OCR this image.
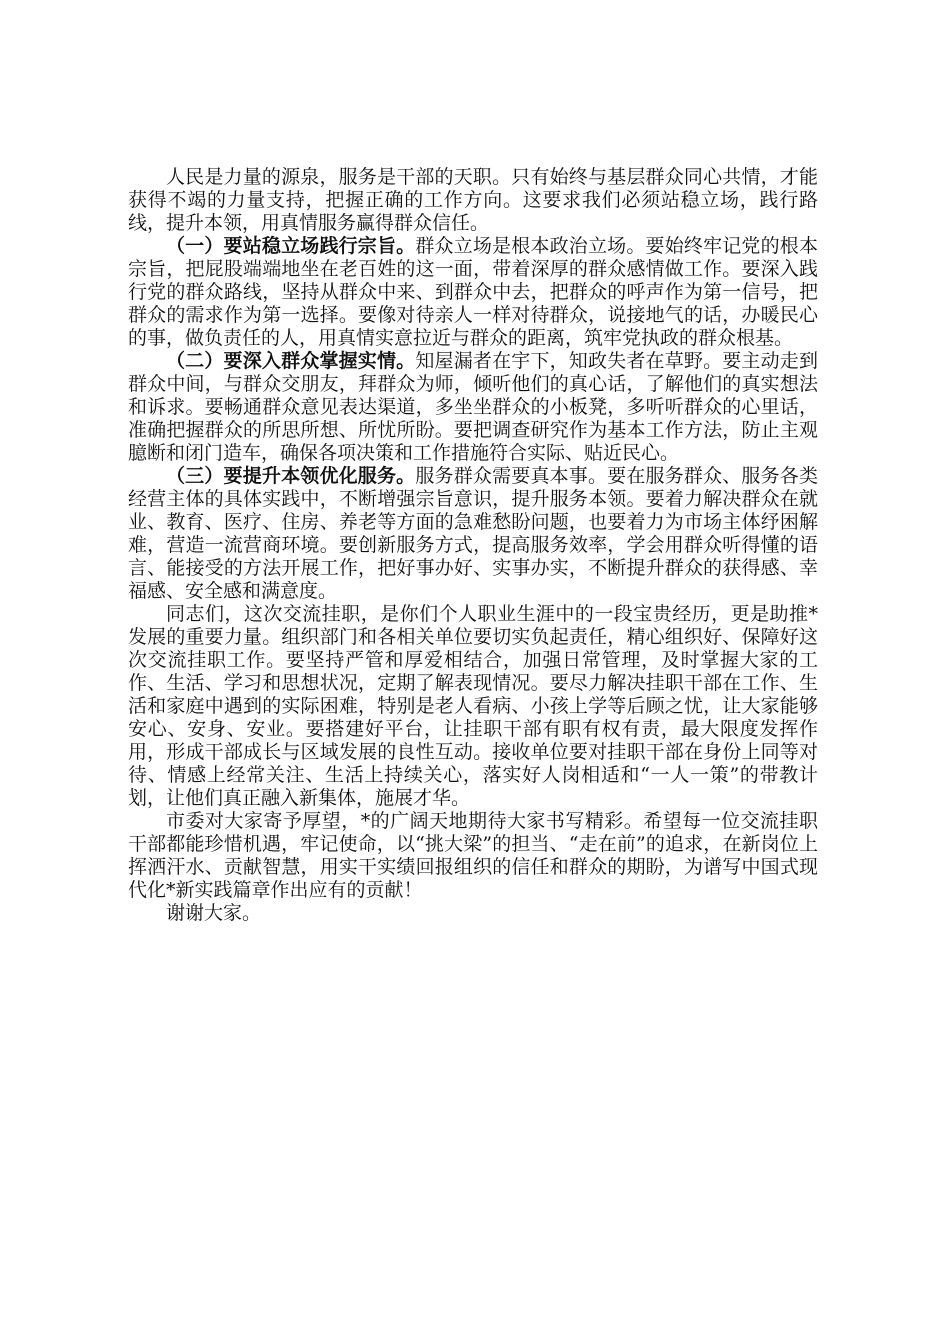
人民是力量的源泉，服务是干部的天职。只有始终与基层群众同心共情，才能获得不竭的力量支持，把握正确的工作方向。这要求我们必须站稳立场，践行路线，提升本领，用真情服务赢得群众信任。

（一）要站稳立场践行宗旨。群众立场是根本政治立场。要始终牢记党的根本宗旨，把屁股端端地坐在老百姓的这一面，带着深厚的群众感情做工作。要深入践行党的群众路线，坚持从群众中来、到群众中去，把群众的呼声作为第一信号，把群众的需求作为第一选择。要像对待亲人一样对待群众，说接地气的话，办暖民心的事，做负责任的人，用真情实意拉近与群众的距离，筑牢党执政的群众根基。

（二）要深入群众掌握实情。知屋漏者在宇下，知政失者在草野。要主动走到群众中间，与群众交朋友，拜群众为师，倾听他们的真心话，了解他们的真实想法和诉求。要畅通群众意见表达渠道，多坐坐群众的小板凳，多听听群众的心里话，准确把握群众的所思所想、所忧所盼。要把调查研究作为基本工作方法，防止主观臆断和闭门造车，确保各项决策和工作措施符合实际、贴近民心。

（三）要提升本领优化服务。服务群众需要真本事。要在服务群众、服务各类经营主体的具体实践中，不断增强宗旨意识，提升服务本领。要着力解决群众在就业、教育、医疗、住房、养老等方面的急难愁盼问题，也要着力为市场主体纾困解难，营造一流营商环境。要创新服务方式，提高服务效率，学会用群众听得懂的语言、能接受的方法开展工作，把好事办好、实事办实，不断提升群众的获得感、幸福感、安全感和满意度。

同志们，这次交流挂职，是你们个人职业生涯中的一段宝贵经历，更是助推*发展的重要力量。组织部门和各相关单位要切实负起责任，精心组织好、保障好这次交流挂职工作。要坚持严管和厚爱相结合，加强日常管理，及时掌握大家的工作、生活、学习和思想状况，定期了解表现情况。要尽力解决挂职干部在工作、生活和家庭中遇到的实际困难，特别是老人看病、小孩上学等后顾之忧，让大家能够安心、安身、安业。要搭建好平台，让挂职干部有职有权有责，最大限度发挥作用，形成干部成长与区域发展的良性互动。接收单位要对挂职干部在身份上同等对待、情感上经常关注、生活上持续关心，落实好人岗相适和“一人一策”的带教计划，让他们真正融入新集体，施展才华。

市委对大家寄予厚望，*的广阔天地期待大家书写精彩。希望每一位交流挂职干部都能珍惜机遇，牢记使命，以“挑大梁”的担当、“走在前”的追求，在新岗位上挥洒汗水、贡献智慧，用实干实绩回报组织的信任和群众的期盼，为谱写中国式现代化*新实践篇章作出应有的贡献！

谢谢大家。
